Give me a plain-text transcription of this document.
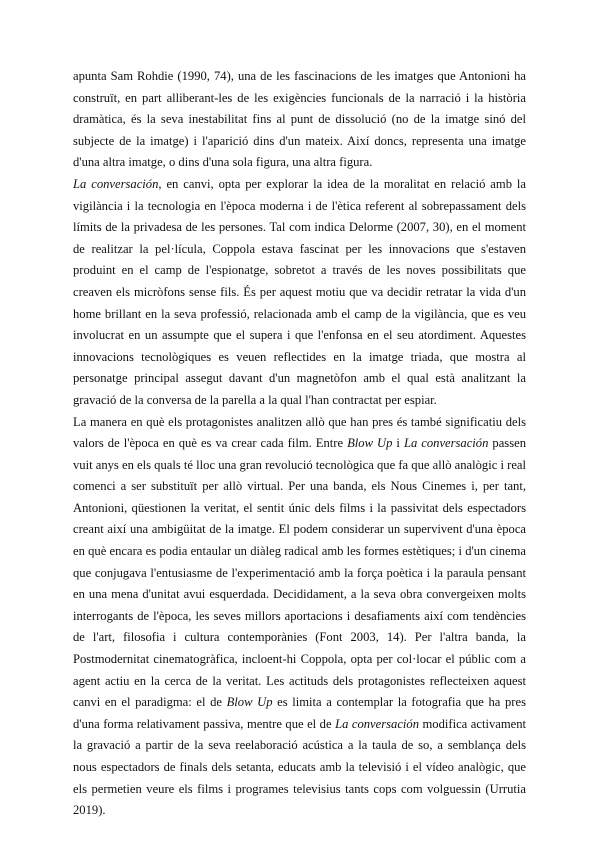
apunta Sam Rohdie (1990, 74), una de les fascinacions de les imatges que Antonioni ha construït, en part alliberant-les de les exigències funcionals de la narració i la història dramàtica, és la seva inestabilitat fins al punt de dissolució (no de la imatge sinó del subjecte de la imatge) i l'aparició dins d'un mateix. Així doncs, representa una imatge d'una altra imatge, o dins d'una sola figura, una altra figura.

La conversación, en canvi, opta per explorar la idea de la moralitat en relació amb la vigilància i la tecnologia en l'època moderna i de l'ètica referent al sobrepassament dels límits de la privadesa de les persones. Tal com indica Delorme (2007, 30), en el moment de realitzar la pel·lícula, Coppola estava fascinat per les innovacions que s'estaven produint en el camp de l'espionatge, sobretot a través de les noves possibilitats que creaven els micròfons sense fils. És per aquest motiu que va decidir retratar la vida d'un home brillant en la seva professió, relacionada amb el camp de la vigilància, que es veu involucrat en un assumpte que el supera i que l'enfonsa en el seu atordiment. Aquestes innovacions tecnològiques es veuen reflectides en la imatge triada, que mostra al personatge principal assegut davant d'un magnetòfon amb el qual està analitzant la gravació de la conversa de la parella a la qual l'han contractat per espiar.

La manera en què els protagonistes analitzen allò que han pres és també significatiu dels valors de l'època en què es va crear cada film. Entre Blow Up i La conversación passen vuit anys en els quals té lloc una gran revolució tecnològica que fa que allò analògic i real comenci a ser substituït per allò virtual. Per una banda, els Nous Cinemes i, per tant, Antonioni, qüestionen la veritat, el sentit únic dels films i la passivitat dels espectadors creant així una ambigüitat de la imatge. El podem considerar un supervivent d'una època en què encara es podia entaular un diàleg radical amb les formes estètiques; i d'un cinema que conjugava l'entusiasme de l'experimentació amb la força poètica i la paraula pensant en una mena d'unitat avui esquerdada. Decididament, a la seva obra convergeixen molts interrogants de l'època, les seves millors aportacions i desafiaments així com tendències de l'art, filosofia i cultura contemporànies (Font 2003, 14). Per l'altra banda, la Postmodernitat cinematogràfica, incloent-hi Coppola, opta per col·locar el públic com a agent actiu en la cerca de la veritat. Les actituds dels protagonistes reflecteixen aquest canvi en el paradigma: el de Blow Up es limita a contemplar la fotografia que ha pres d'una forma relativament passiva, mentre que el de La conversación modifica activament la gravació a partir de la seva reelaboració acústica a la taula de so, a semblança dels nous espectadors de finals dels setanta, educats amb la televisió i el vídeo analògic, que els permetien veure els films i programes televisius tants cops com volguessin (Urrutia 2019).
